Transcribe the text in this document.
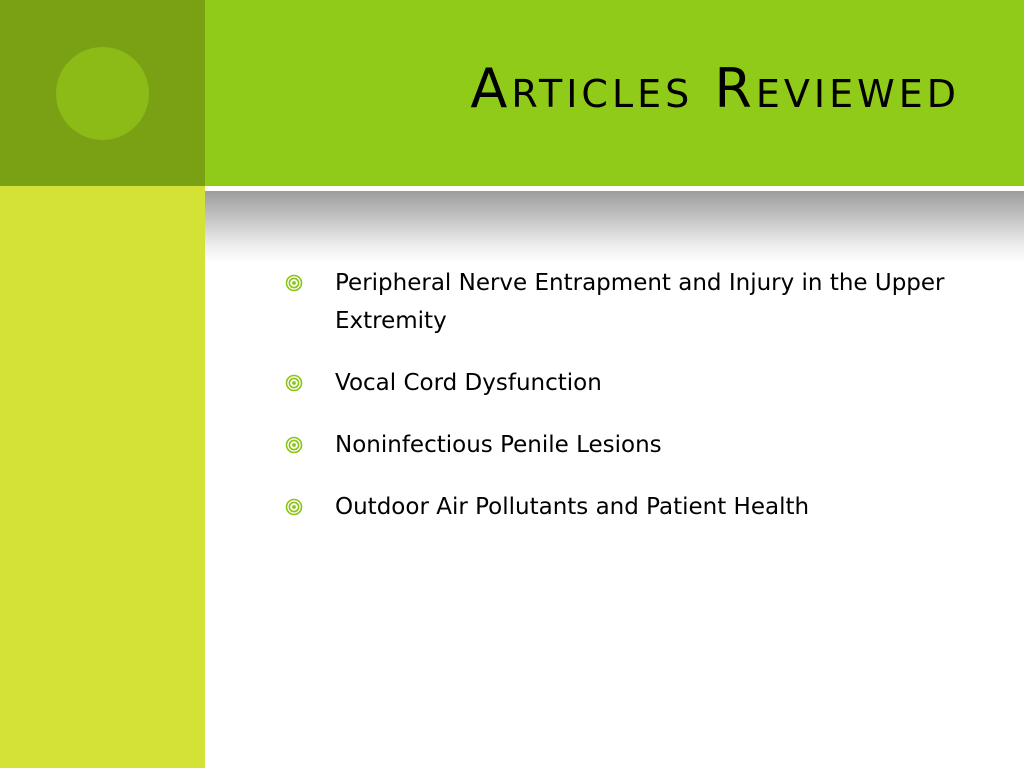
Articles Reviewed
Peripheral Nerve Entrapment and Injury in the Upper Extremity
Vocal Cord Dysfunction
Noninfectious Penile Lesions
Outdoor Air Pollutants and Patient Health
